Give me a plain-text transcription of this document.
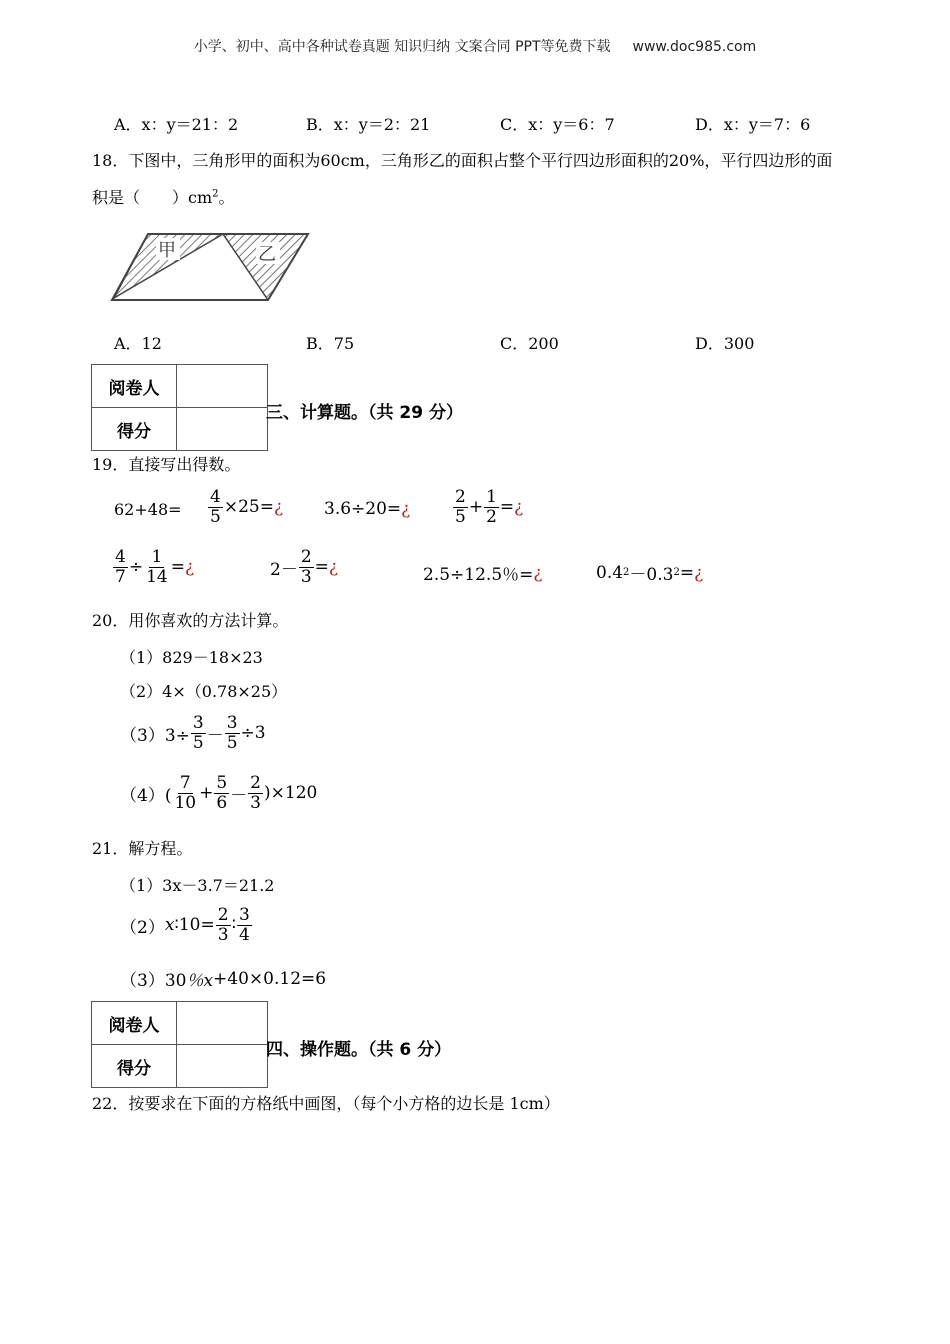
小学、初中、高中各种试卷真题 知识归纳 文案合同 PPT等免费下载 www.doc985.com
A．x：y＝21：2	B．x：y＝2：21	C．x：y＝6：7	D．x：y＝7：6
18．下图中，三角形甲的面积为60cm，三角形乙的面积占整个平行四边形面积的20%，平行四边形的面
积是（　　）$cm^2$。
甲	乙
A．12	B．75	C．200	D．300
阅卷人	
得分	
三、计算题。（共 29 分）
19．直接写出得数。
$62+48= \frac{4}{5} \times 25=$ ¿ 3.6÷20= ¿	$\frac{2}{5} + \frac{1}{2}$ = ¿
$\frac{4}{7} \div \frac{1}{14}$ = ¿	$2- \frac{2}{3}$ = ¿	2.5÷12.5％= ¿	0.4 2 －0.3 2 = ¿
20．用你喜欢的方法计算。
（1）829－18×23
（2）4×（0.78×25）
$(3)3\div \frac{3}{5} - \frac{3}{5} \div 3$
$(4)( \frac{7}{10} + \frac{5}{6} - \frac{2}{3} )\times 120$
21．解方程。
（1）3x－3.7＝21.2
（2） x ∶10= $\frac{2}{3}$ ∶ $\frac{3}{4}$
（3）30 ％x +40×0.12=6
阅卷人	
得分	
四、操作题。（共 6 分）
22．按要求在下面的方格纸中画图，（每个小方格的边长是 1cm）
